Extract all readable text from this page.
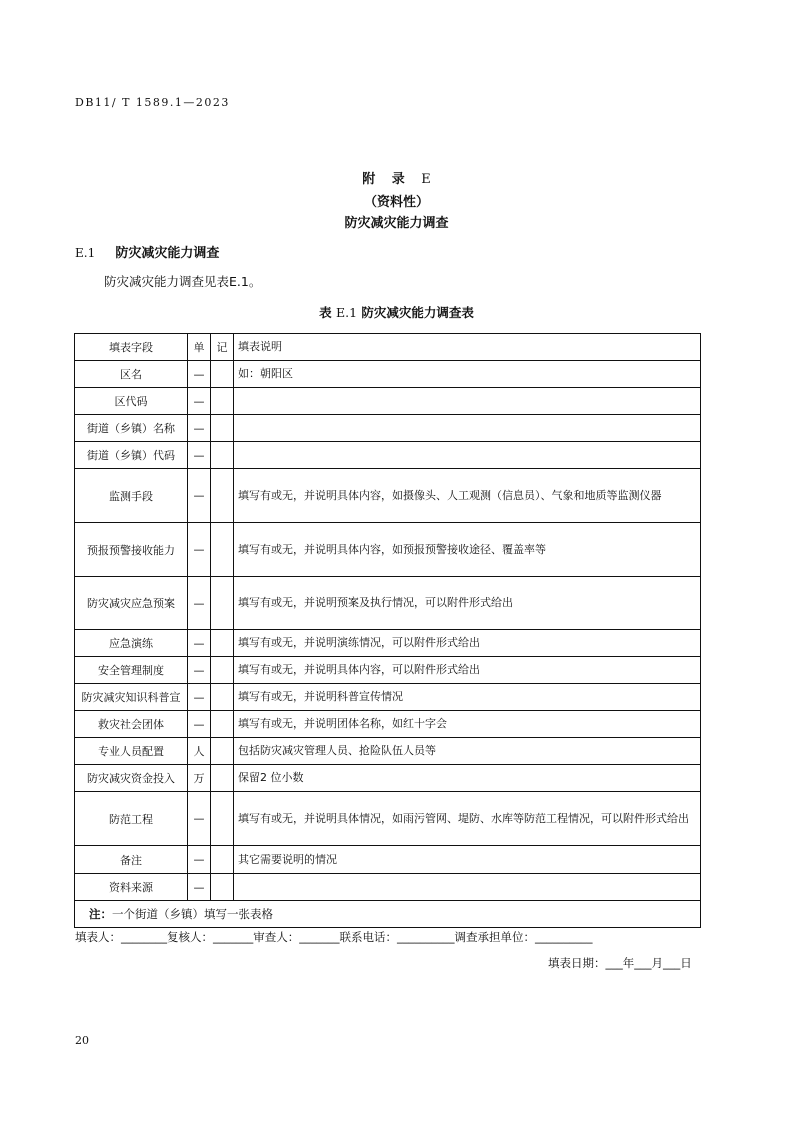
DB11/ T 1589.1—2023
附 录 E
（资料性）
防灾减灾能力调查
E.1 防灾减灾能力调查
防灾减灾能力调查见表E.1。
表 E.1 防灾减灾能力调查表
填表字段	单	记	填表说明
区名	—		如：朝阳区
区代码	—		
街道（乡镇）名称	—		
街道（乡镇）代码	—		
监测手段	—		填写有或无，并说明具体内容，如摄像头、人工观测（信息员）、气象和地质等监测仪器
预报预警接收能力	—		填写有或无，并说明具体内容，如预报预警接收途径、覆盖率等
防灾减灾应急预案	—		填写有或无，并说明预案及执行情况，可以附件形式给出
应急演练	—		填写有或无，并说明演练情况，可以附件形式给出
安全管理制度	—		填写有或无，并说明具体内容，可以附件形式给出
防灾减灾知识科普宣	—		填写有或无，并说明科普宣传情况
救灾社会团体	—		填写有或无，并说明团体名称，如红十字会
专业人员配置	人		包括防灾减灾管理人员、抢险队伍人员等
防灾减灾资金投入	万		保留2 位小数
防范工程	—		填写有或无，并说明具体情况，如雨污管网、堤防、水库等防范工程情况，可以附件形式给出
备注	—		其它需要说明的情况
资料来源	—		
注：一个街道（乡镇）填写一张表格			
填表人：________复核人：_______审查人：_______联系电话：__________调查承担单位：__________
填表日期：___年___月___日
20
